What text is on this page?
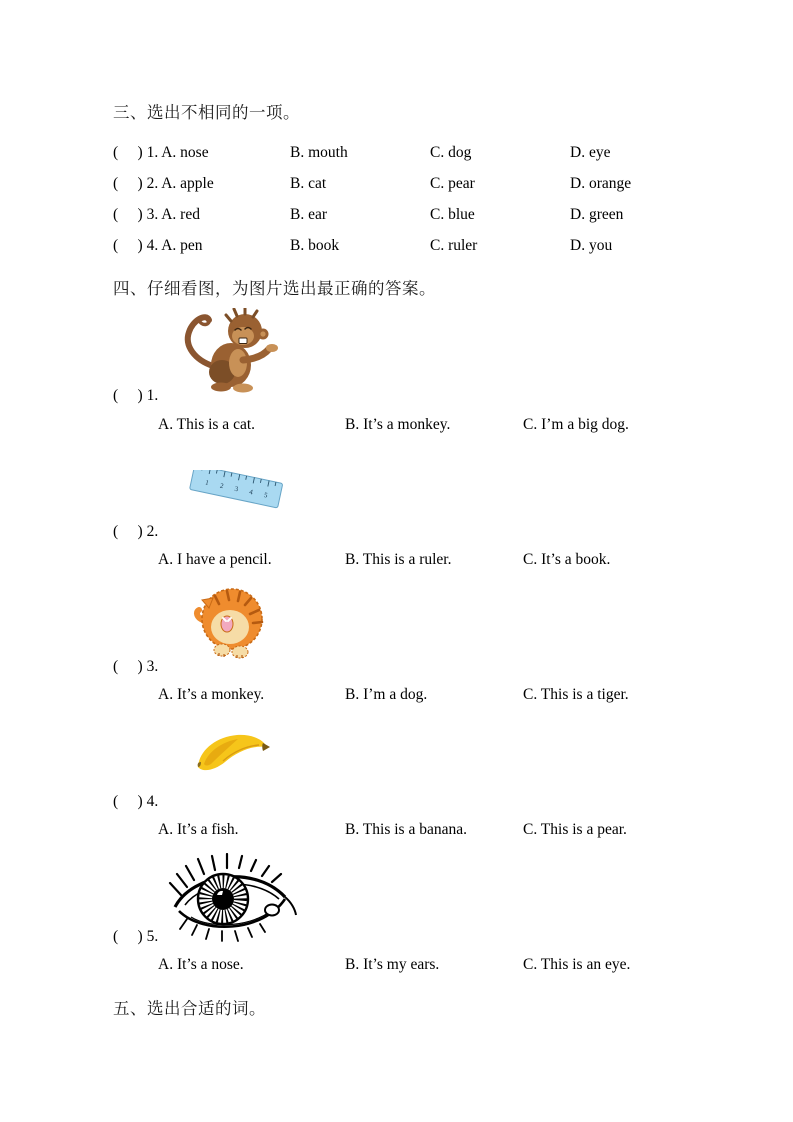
三、选出不相同的一项。
(     ) 1. A. nose	B. mouth	C. dog	D. eye
(     ) 2. A. apple	B. cat	C. pear	D. orange
(     ) 3. A. red	B. ear	C. blue	D. green
(     ) 4. A. pen	B. book	C. ruler	D. you
四、仔细看图，为图片选出最正确的答案。
(     ) 1.
A. This is a cat.	B. It’s a monkey.	C. I’m a big dog.
1 2 3 4 5
(     ) 2.
A. I have a pencil.	B. This is a ruler.	C. It’s a book.
(     ) 3.
A. It’s a monkey.	B. I’m a dog.	C. This is a tiger.
(     ) 4.
A. It’s a fish.	B. This is a banana.	C. This is a pear.
(     ) 5.
A. It’s a nose.	B. It’s my ears.	C. This is an eye.
五、选出合适的词。
